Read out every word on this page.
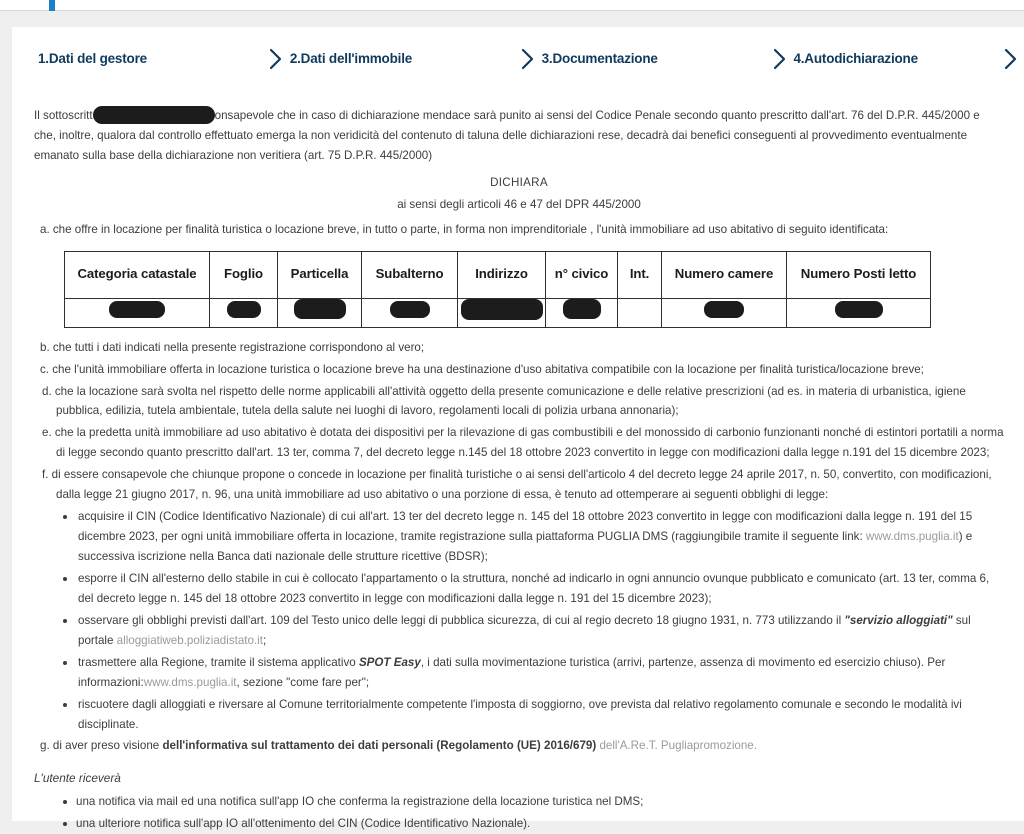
1.Dati del gestore	2.Dati dell'immobile	3.Documentazione	4.Autodichiarazione

Il sottoscritt	onsapevole che in caso di dichiarazione mendace sarà punito ai sensi del Codice Penale secondo quanto prescritto dall'art. 76 del D.P.R. 445/2000 e che, inoltre, qualora dal controllo effettuato emerga la non veridicità del contenuto di taluna delle dichiarazioni rese, decadrà dai benefici conseguenti al provvedimento eventualmente emanato sulla base della dichiarazione non veritiera (art. 75 D.P.R. 445/2000)

DICHIARA

ai sensi degli articoli 46 e 47 del DPR 445/2000

a. che offre in locazione per finalità turistica o locazione breve, in tutto o parte, in forma non imprenditoriale , l'unità immobiliare ad uso abitativo di seguito identificata:

Categoria catastale	Foglio	Particella	Subalterno	Indirizzo	n° civico	Int.	Numero camere	Numero Posti letto

b. che tutti i dati indicati nella presente registrazione corrispondono al vero;

c. che l'unità immobiliare offerta in locazione turistica o locazione breve ha una destinazione d'uso abitativa compatibile con la locazione per finalità turistica/locazione breve;

d. che la locazione sarà svolta nel rispetto delle norme applicabili all'attività oggetto della presente comunicazione e delle relative prescrizioni (ad es. in materia di urbanistica, igiene pubblica, edilizia, tutela ambientale, tutela della salute nei luoghi di lavoro, regolamenti locali di polizia urbana annonaria);

e. che la predetta unità immobiliare ad uso abitativo è dotata dei dispositivi per la rilevazione di gas combustibili e del monossido di carbonio funzionanti nonché di estintori portatili a norma di legge secondo quanto prescritto dall'art. 13 ter, comma 7, del decreto legge n.145 del 18 ottobre 2023 convertito in legge con modificazioni dalla legge n.191 del 15 dicembre 2023;

f. di essere consapevole che chiunque propone o concede in locazione per finalità turistiche o ai sensi dell'articolo 4 del decreto legge 24 aprile 2017, n. 50, convertito, con modificazioni, dalla legge 21 giugno 2017, n. 96, una unità immobiliare ad uso abitativo o una porzione di essa, è tenuto ad ottemperare ai seguenti obblighi di legge:

acquisire il CIN (Codice Identificativo Nazionale) di cui all'art. 13 ter del decreto legge n. 145 del 18 ottobre 2023 convertito in legge con modificazioni dalla legge n. 191 del 15 dicembre 2023, per ogni unità immobiliare offerta in locazione, tramite registrazione sulla piattaforma PUGLIA DMS (raggiungibile tramite il seguente link: www.dms.puglia.it) e successiva iscrizione nella Banca dati nazionale delle strutture ricettive (BDSR);
esporre il CIN all'esterno dello stabile in cui è collocato l'appartamento o la struttura, nonché ad indicarlo in ogni annuncio ovunque pubblicato e comunicato (art. 13 ter, comma 6, del decreto legge n. 145 del 18 ottobre 2023 convertito in legge con modificazioni dalla legge n. 191 del 15 dicembre 2023);
osservare gli obblighi previsti dall'art. 109 del Testo unico delle leggi di pubblica sicurezza, di cui al regio decreto 18 giugno 1931, n. 773 utilizzando il "servizio alloggiati" sul portale alloggiatiweb.poliziadistato.it;
trasmettere alla Regione, tramite il sistema applicativo SPOT Easy, i dati sulla movimentazione turistica (arrivi, partenze, assenza di movimento ed esercizio chiuso). Per informazioni:www.dms.puglia.it, sezione "come fare per";
riscuotere dagli alloggiati e riversare al Comune territorialmente competente l'imposta di soggiorno, ove prevista dal relativo regolamento comunale e secondo le modalità ivi disciplinate.

g. di aver preso visione dell'informativa sul trattamento dei dati personali (Regolamento (UE) 2016/679) dell'A.Re.T. Pugliapromozione.

L'utente riceverà

una notifica via mail ed una notifica sull'app IO che conferma la registrazione della locazione turistica nel DMS;
una ulteriore notifica sull'app IO all'ottenimento del CIN (Codice Identificativo Nazionale).
